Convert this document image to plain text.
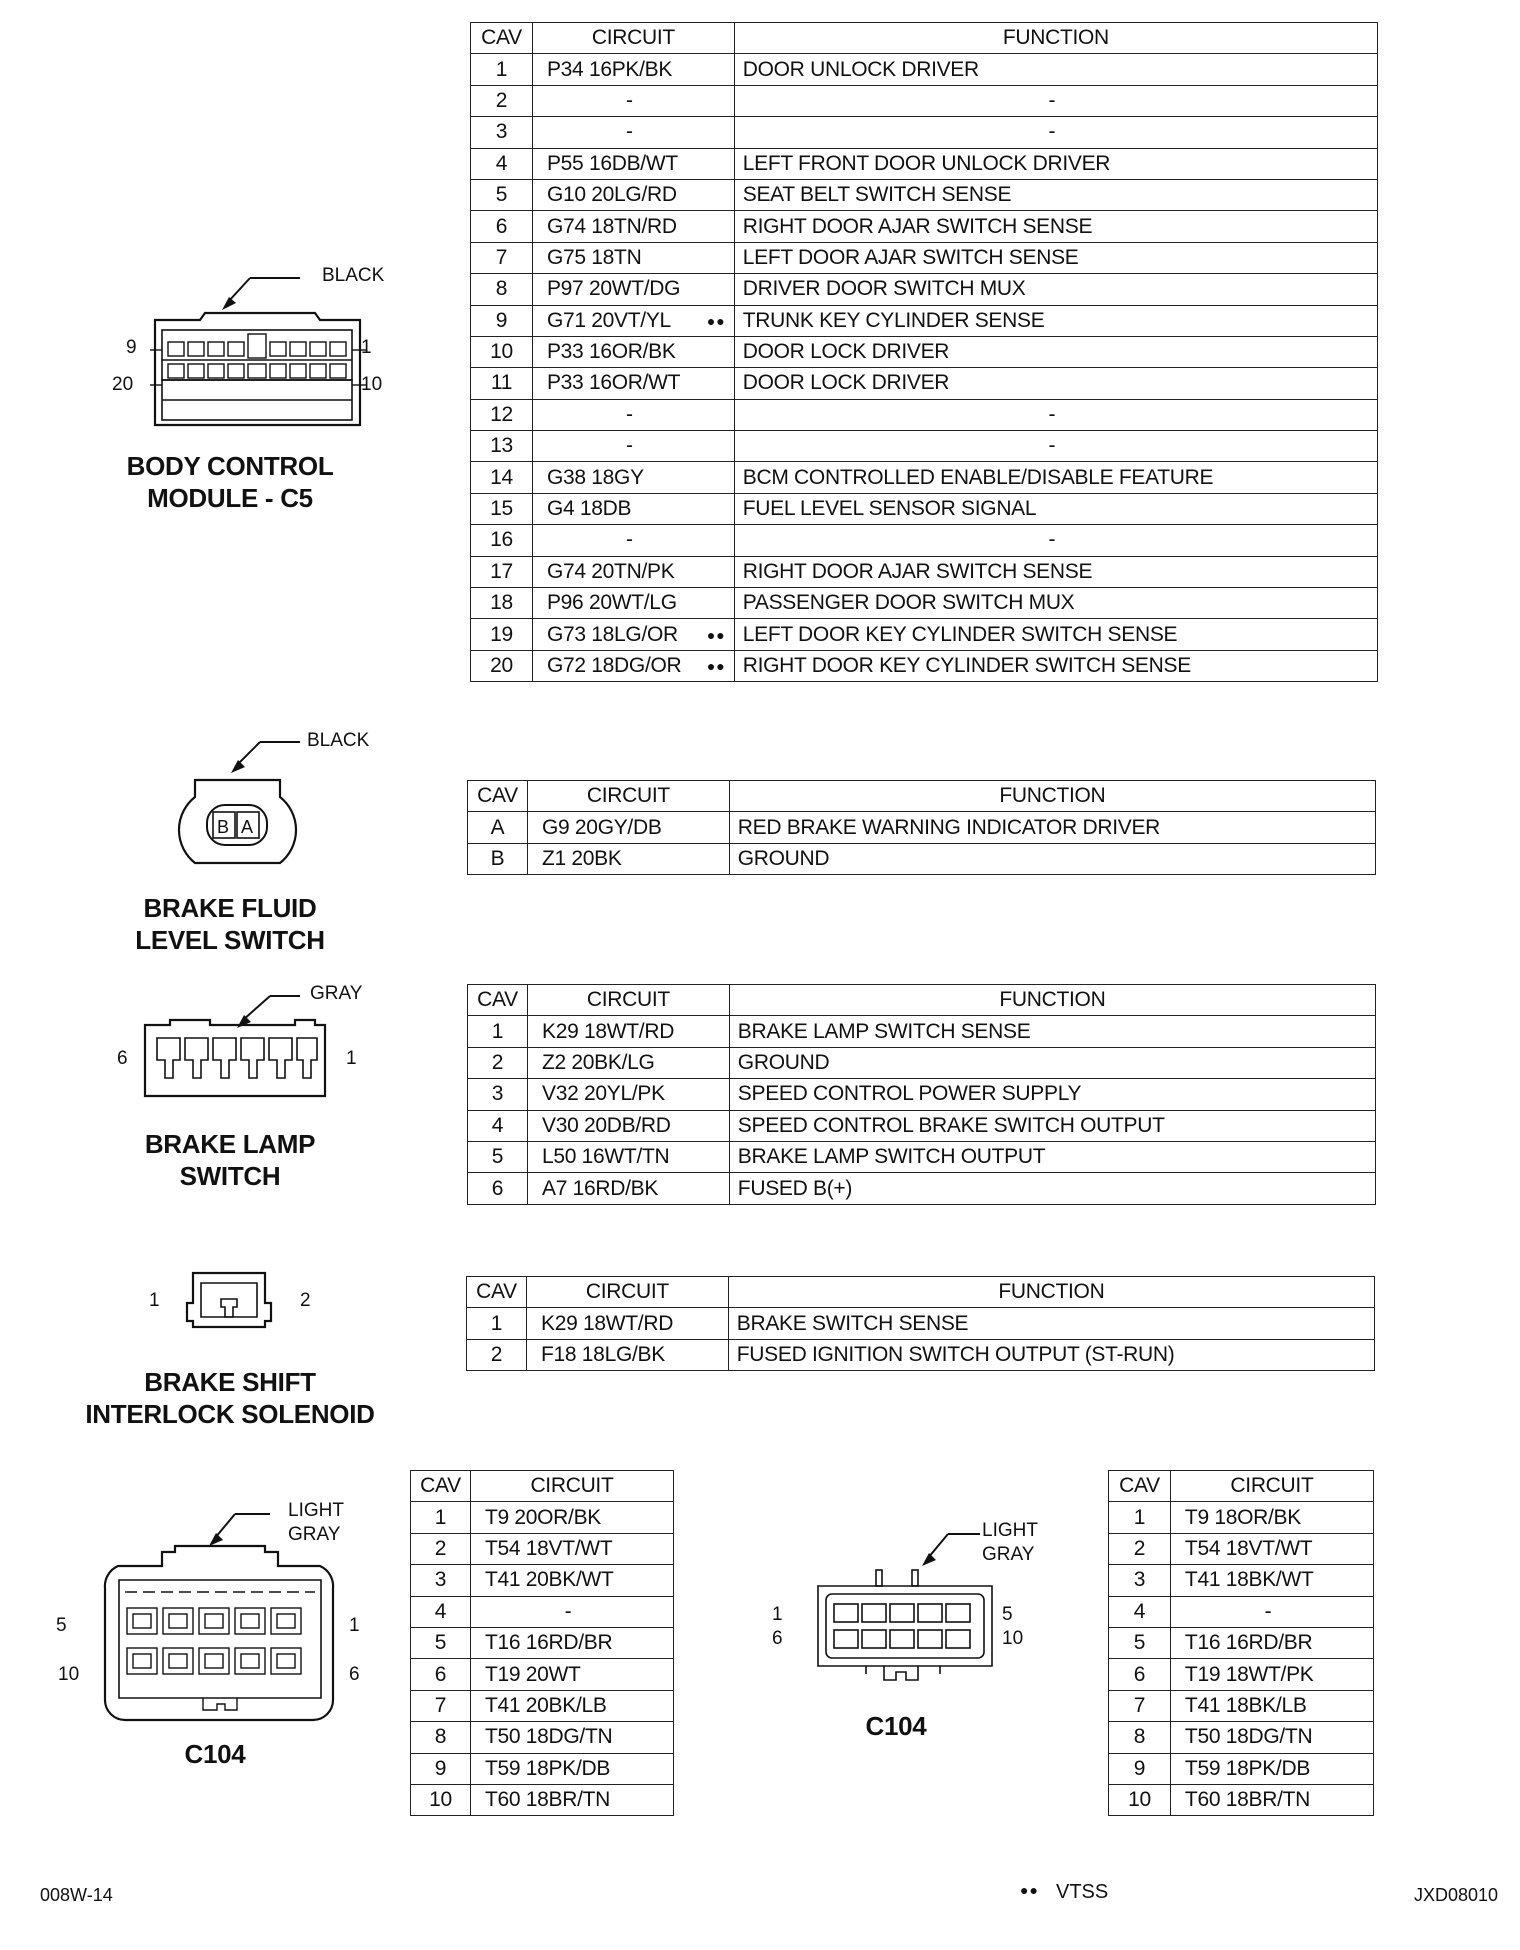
BLACK
9	1
20	10
BODY CONTROL
MODULE - C5
CAV	CIRCUIT	FUNCTION
1	P34 16PK/BK	DOOR UNLOCK DRIVER
2	-	-
3	-	-
4	P55 16DB/WT	LEFT FRONT DOOR UNLOCK DRIVER
5	G10 20LG/RD	SEAT BELT SWITCH SENSE
6	G74 18TN/RD	RIGHT DOOR AJAR SWITCH SENSE
7	G75 18TN	LEFT DOOR AJAR SWITCH SENSE
8	P97 20WT/DG	DRIVER DOOR SWITCH MUX
9	G71 20VT/YL ●●	TRUNK KEY CYLINDER SENSE
10	P33 16OR/BK	DOOR LOCK DRIVER
11	P33 16OR/WT	DOOR LOCK DRIVER
12	-	-
13	-	-
14	G38 18GY	BCM CONTROLLED ENABLE/DISABLE FEATURE
15	G4 18DB	FUEL LEVEL SENSOR SIGNAL
16	-	-
17	G74 20TN/PK	RIGHT DOOR AJAR SWITCH SENSE
18	P96 20WT/LG	PASSENGER DOOR SWITCH MUX
19	G73 18LG/OR ●●	LEFT DOOR KEY CYLINDER SWITCH SENSE
20	G72 18DG/OR ●●	RIGHT DOOR KEY CYLINDER SWITCH SENSE
B A
BLACK
BRAKE FLUID
LEVEL SWITCH
CAV	CIRCUIT	FUNCTION
A	G9 20GY/DB	RED BRAKE WARNING INDICATOR DRIVER
B	Z1 20BK	GROUND
GRAY
6	1
BRAKE LAMP
SWITCH
CAV	CIRCUIT	FUNCTION
1	K29 18WT/RD	BRAKE LAMP SWITCH SENSE
2	Z2 20BK/LG	GROUND
3	V32 20YL/PK	SPEED CONTROL POWER SUPPLY
4	V30 20DB/RD	SPEED CONTROL BRAKE SWITCH OUTPUT
5	L50 16WT/TN	BRAKE LAMP SWITCH OUTPUT
6	A7 16RD/BK	FUSED B(+)
1	2
BRAKE SHIFT
INTERLOCK SOLENOID
CAV	CIRCUIT	FUNCTION
1	K29 18WT/RD	BRAKE SWITCH SENSE
2	F18 18LG/BK	FUSED IGNITION SWITCH OUTPUT (ST-RUN)
LIGHT
GRAY
5	1
10	6
C104
CAV	CIRCUIT
1	T9 20OR/BK
2	T54 18VT/WT
3	T41 20BK/WT
4	-
5	T16 16RD/BR
6	T19 20WT
7	T41 20BK/LB
8	T50 18DG/TN
9	T59 18PK/DB
10	T60 18BR/TN
LIGHT
GRAY
1	5
6	10
C104
CAV	CIRCUIT
1	T9 18OR/BK
2	T54 18VT/WT
3	T41 18BK/WT
4	-
5	T16 16RD/BR
6	T19 18WT/PK
7	T41 18BK/LB
8	T50 18DG/TN
9	T59 18PK/DB
10	T60 18BR/TN
008W-14	●● VTSS	JXD08010
